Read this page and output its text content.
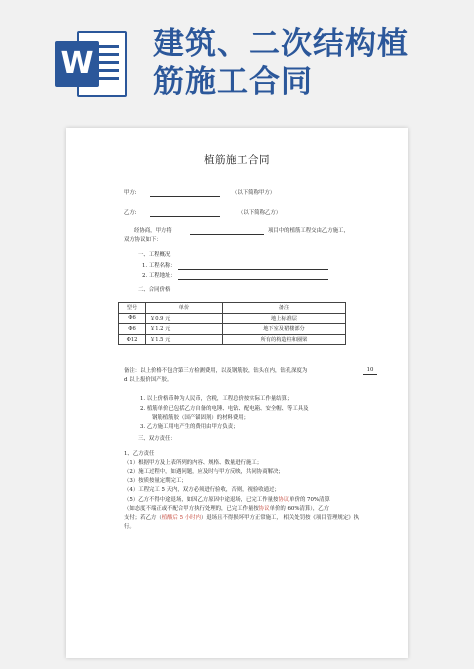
W
建筑、二次结构植
筋施工合同
植筋施工合同
甲方:	（以下简称甲方）
乙方:	（以下简称乙方）
经协商，甲方将	项目中的植筋工程交由乙方施工，
双方协议如下：
一、工程概况
1. 工程名称：
2. 工程地址：
二、合同价格
型号	单价	备注
Φ6	￥0.9 元	地上标准层
Φ6	￥1.2 元	地下室及裙楼部分
Φ12	￥1.5 元	所有的构造柱和圈梁
备注：以上价格不包含第三方检测费用，以及钢筋胶，钻头在内，钻孔深度为	10
d 以上报价国产胶。
1. 以上价格币种为人民币，含税，工程总价按实际工作量结算；
2. 植筋单价已包括乙方自备的电锤、电钻、配电箱、安全帽、等工具及
钢筋植筋胶（国产锚固剂）的材料费用；
3. 乙方施工用电产生的费用由甲方负责；
三、双方责任：
1、乙方责任
（1）根据甲方及上表所列的内容、规格、数量进行施工；
（2）施工过程中，如遇问题，应及时与甲方反映，共同协商解决；
（3）按质按量定期完工；
（4）工程完工 5 天内，双方必须进行验收，否则，视验收通过；
（5）乙方不得中途退场，如因乙方原因中途退场，已完工作量按协议单价的 70%清算
（如态度不端正或不配合甲方执行处理的，已完工作量按协议单价的 60%清算），乙方
支付；若乙方（植酸后 5 小时内）退场且不得损坏甲方正常施工， 相关处罚按《项目管理规定》执
行。
